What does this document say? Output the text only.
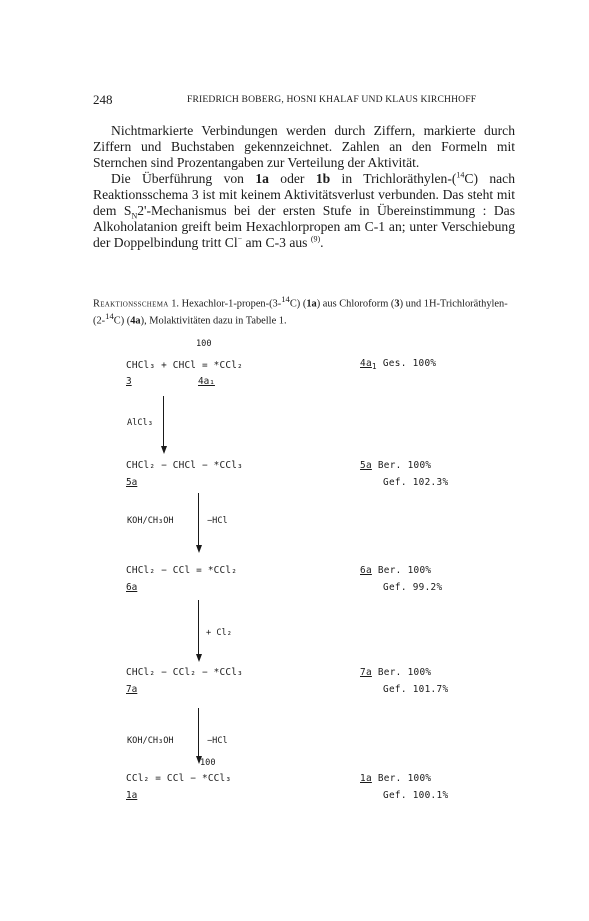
248	FRIEDRICH BOBERG, HOSNI KHALAF UND KLAUS KIRCHHOFF
Nichtmarkierte Verbindungen werden durch Ziffern, markierte durch Ziffern und Buchstaben gekennzeichnet. Zahlen an den Formeln mit Sternchen sind Prozentangaben zur Verteilung der Aktivität.
Die Überführung von 1a oder 1b in Trichloräthylen-($^{14}$C) nach Reaktionsschema 3 ist mit keinem Aktivitätsverlust verbunden. Das steht mit dem $S_N2'$-Mechanismus bei der ersten Stufe in Übereinstimmung : Das Alkoholatanion greift beim Hexachlorpropen am C-1 an; unter Verschiebung der Doppelbindung tritt Cl− am C-3 aus $^{(9)}$.
Reaktionsschema 1. Hexachlor-1-propen-(3-$^{14}$C) (1a) aus Chloroform (3) und 1H-Trichloräthylen-(2-$^{14}$C) (4a), Molaktivitäten dazu in Tabelle 1.
100
CHCl₃ + CHCl = *CCl₂
3	4a₁
AlCl₃
CHCl₂ − CHCl − *CCl₃
5a
KOH/CH₃OH	−HCl
CHCl₂ − CCl = *CCl₂
6a
+ Cl₂
CHCl₂ − CCl₂ − *CCl₃
7a
KOH/CH₃OH	−HCl
100
CCl₂ = CCl − *CCl₃
1a
$4a_1$ Ges. 100%
5a Ber. 100%
Gef. 102.3%
6a Ber. 100%
Gef. 99.2%
7a Ber. 100%
Gef. 101.7%
1a Ber. 100%
Gef. 100.1%
